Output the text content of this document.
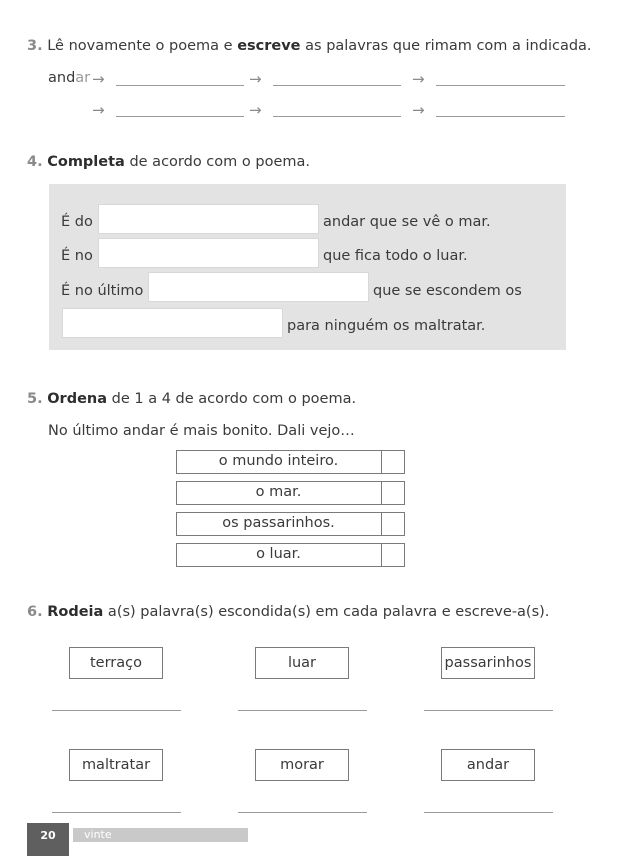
3. Lê novamente o poema e escreve as palavras que rimam com a indicada.
andar →	→	→
→	→	→
4. Completa de acordo com o poema.
É do	andar que se vê o mar.
É no	que fica todo o luar.
É no último	que se escondem os
para ninguém os maltratar.
5. Ordena de 1 a 4 de acordo com o poema.
No último andar é mais bonito. Dali vejo…
o mundo inteiro.
o mar.
os passarinhos.
o luar.
6. Rodeia a(s) palavra(s) escondida(s) em cada palavra e escreve-a(s).
terraço	luar	passarinhos
maltratar	morar	andar
20	vinte
